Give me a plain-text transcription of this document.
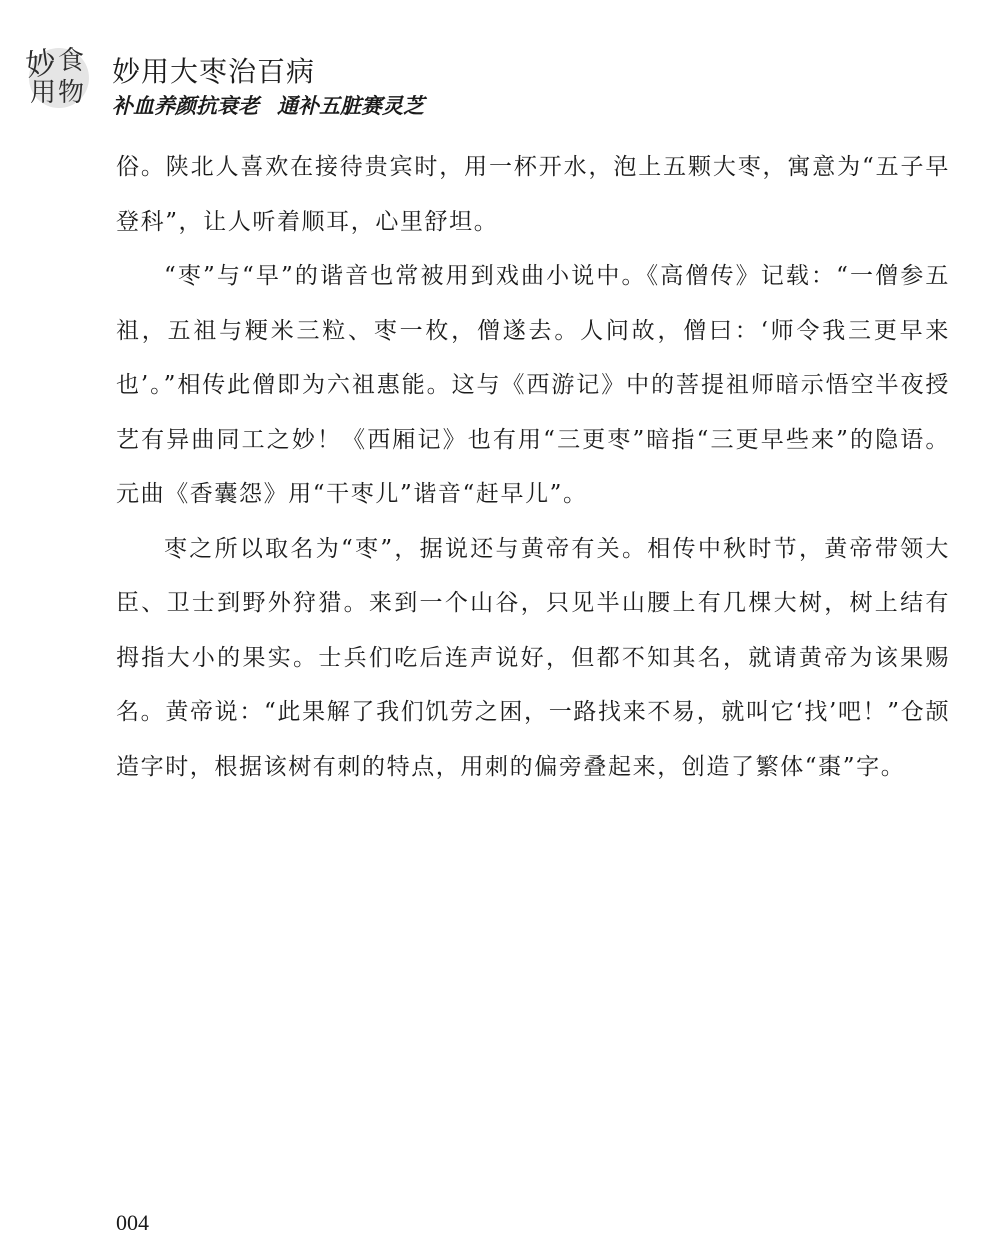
妙 食
用 物
妙用大枣治百病
补血养颜抗衰老 通补五脏赛灵芝

俗。陕北人喜欢在接待贵宾时，用一杯开水，泡上五颗大枣，寓意为“五子早登科”，让人听着顺耳，心里舒坦。

“枣”与“早”的谐音也常被用到戏曲小说中。《高僧传》记载：“一僧参五祖，五祖与粳米三粒、枣一枚，僧遂去。人问故，僧曰：‘师令我三更早来也’。”相传此僧即为六祖惠能。这与《西游记》中的菩提祖师暗示悟空半夜授艺有异曲同工之妙！《西厢记》也有用“三更枣”暗指“三更早些来”的隐语。元曲《香囊怨》用“干枣儿”谐音“赶早儿”。

枣之所以取名为“枣”，据说还与黄帝有关。相传中秋时节，黄帝带领大臣、卫士到野外狩猎。来到一个山谷，只见半山腰上有几棵大树，树上结有拇指大小的果实。士兵们吃后连声说好，但都不知其名，就请黄帝为该果赐名。黄帝说：“此果解了我们饥劳之困，一路找来不易，就叫它‘找’吧！”仓颉造字时，根据该树有刺的特点，用刺的偏旁叠起来，创造了繁体“棗”字。

004
